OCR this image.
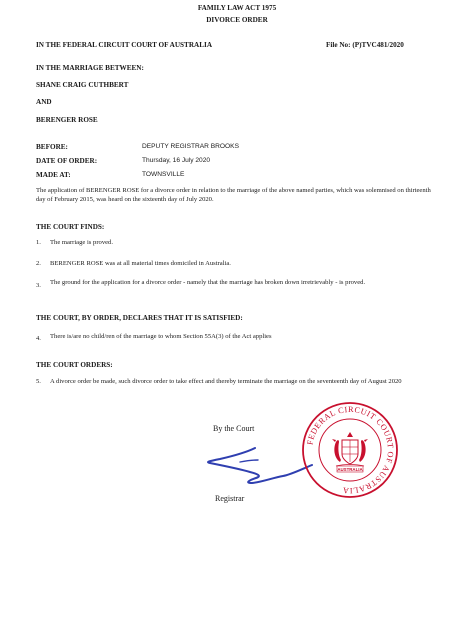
FAMILY LAW ACT 1975
DIVORCE ORDER
IN THE FEDERAL CIRCUIT COURT OF AUSTRALIA	File No: (P)TVC481/2020
IN THE MARRIAGE BETWEEN:
SHANE CRAIG CUTHBERT
AND
BERENGER ROSE
BEFORE:	DEPUTY REGISTRAR BROOKS
DATE OF ORDER:	Thursday, 16 July 2020
MADE AT:	TOWNSVILLE
The application of BERENGER ROSE for a divorce order in relation to the marriage of the above named parties, which was solemnised on thirteenth day of February 2015, was heard on the sixteenth day of July 2020.
THE COURT FINDS:
1. The marriage is proved.
2. BERENGER ROSE was at all material times domiciled in Australia.
3. The ground for the application for a divorce order - namely that the marriage has broken down irretrievably - is proved.
THE COURT, BY ORDER, DECLARES THAT IT IS SATISFIED:
4. There is/are no child/ren of the marriage to whom Section 55A(3) of the Act applies
THE COURT ORDERS:
5. A divorce order be made, such divorce order to take effect and thereby terminate the marriage on the seventeenth day of August 2020
By the Court
Registrar
FEDERAL CIRCUIT COURT OF AUSTRALIA
AUSTRALIA
